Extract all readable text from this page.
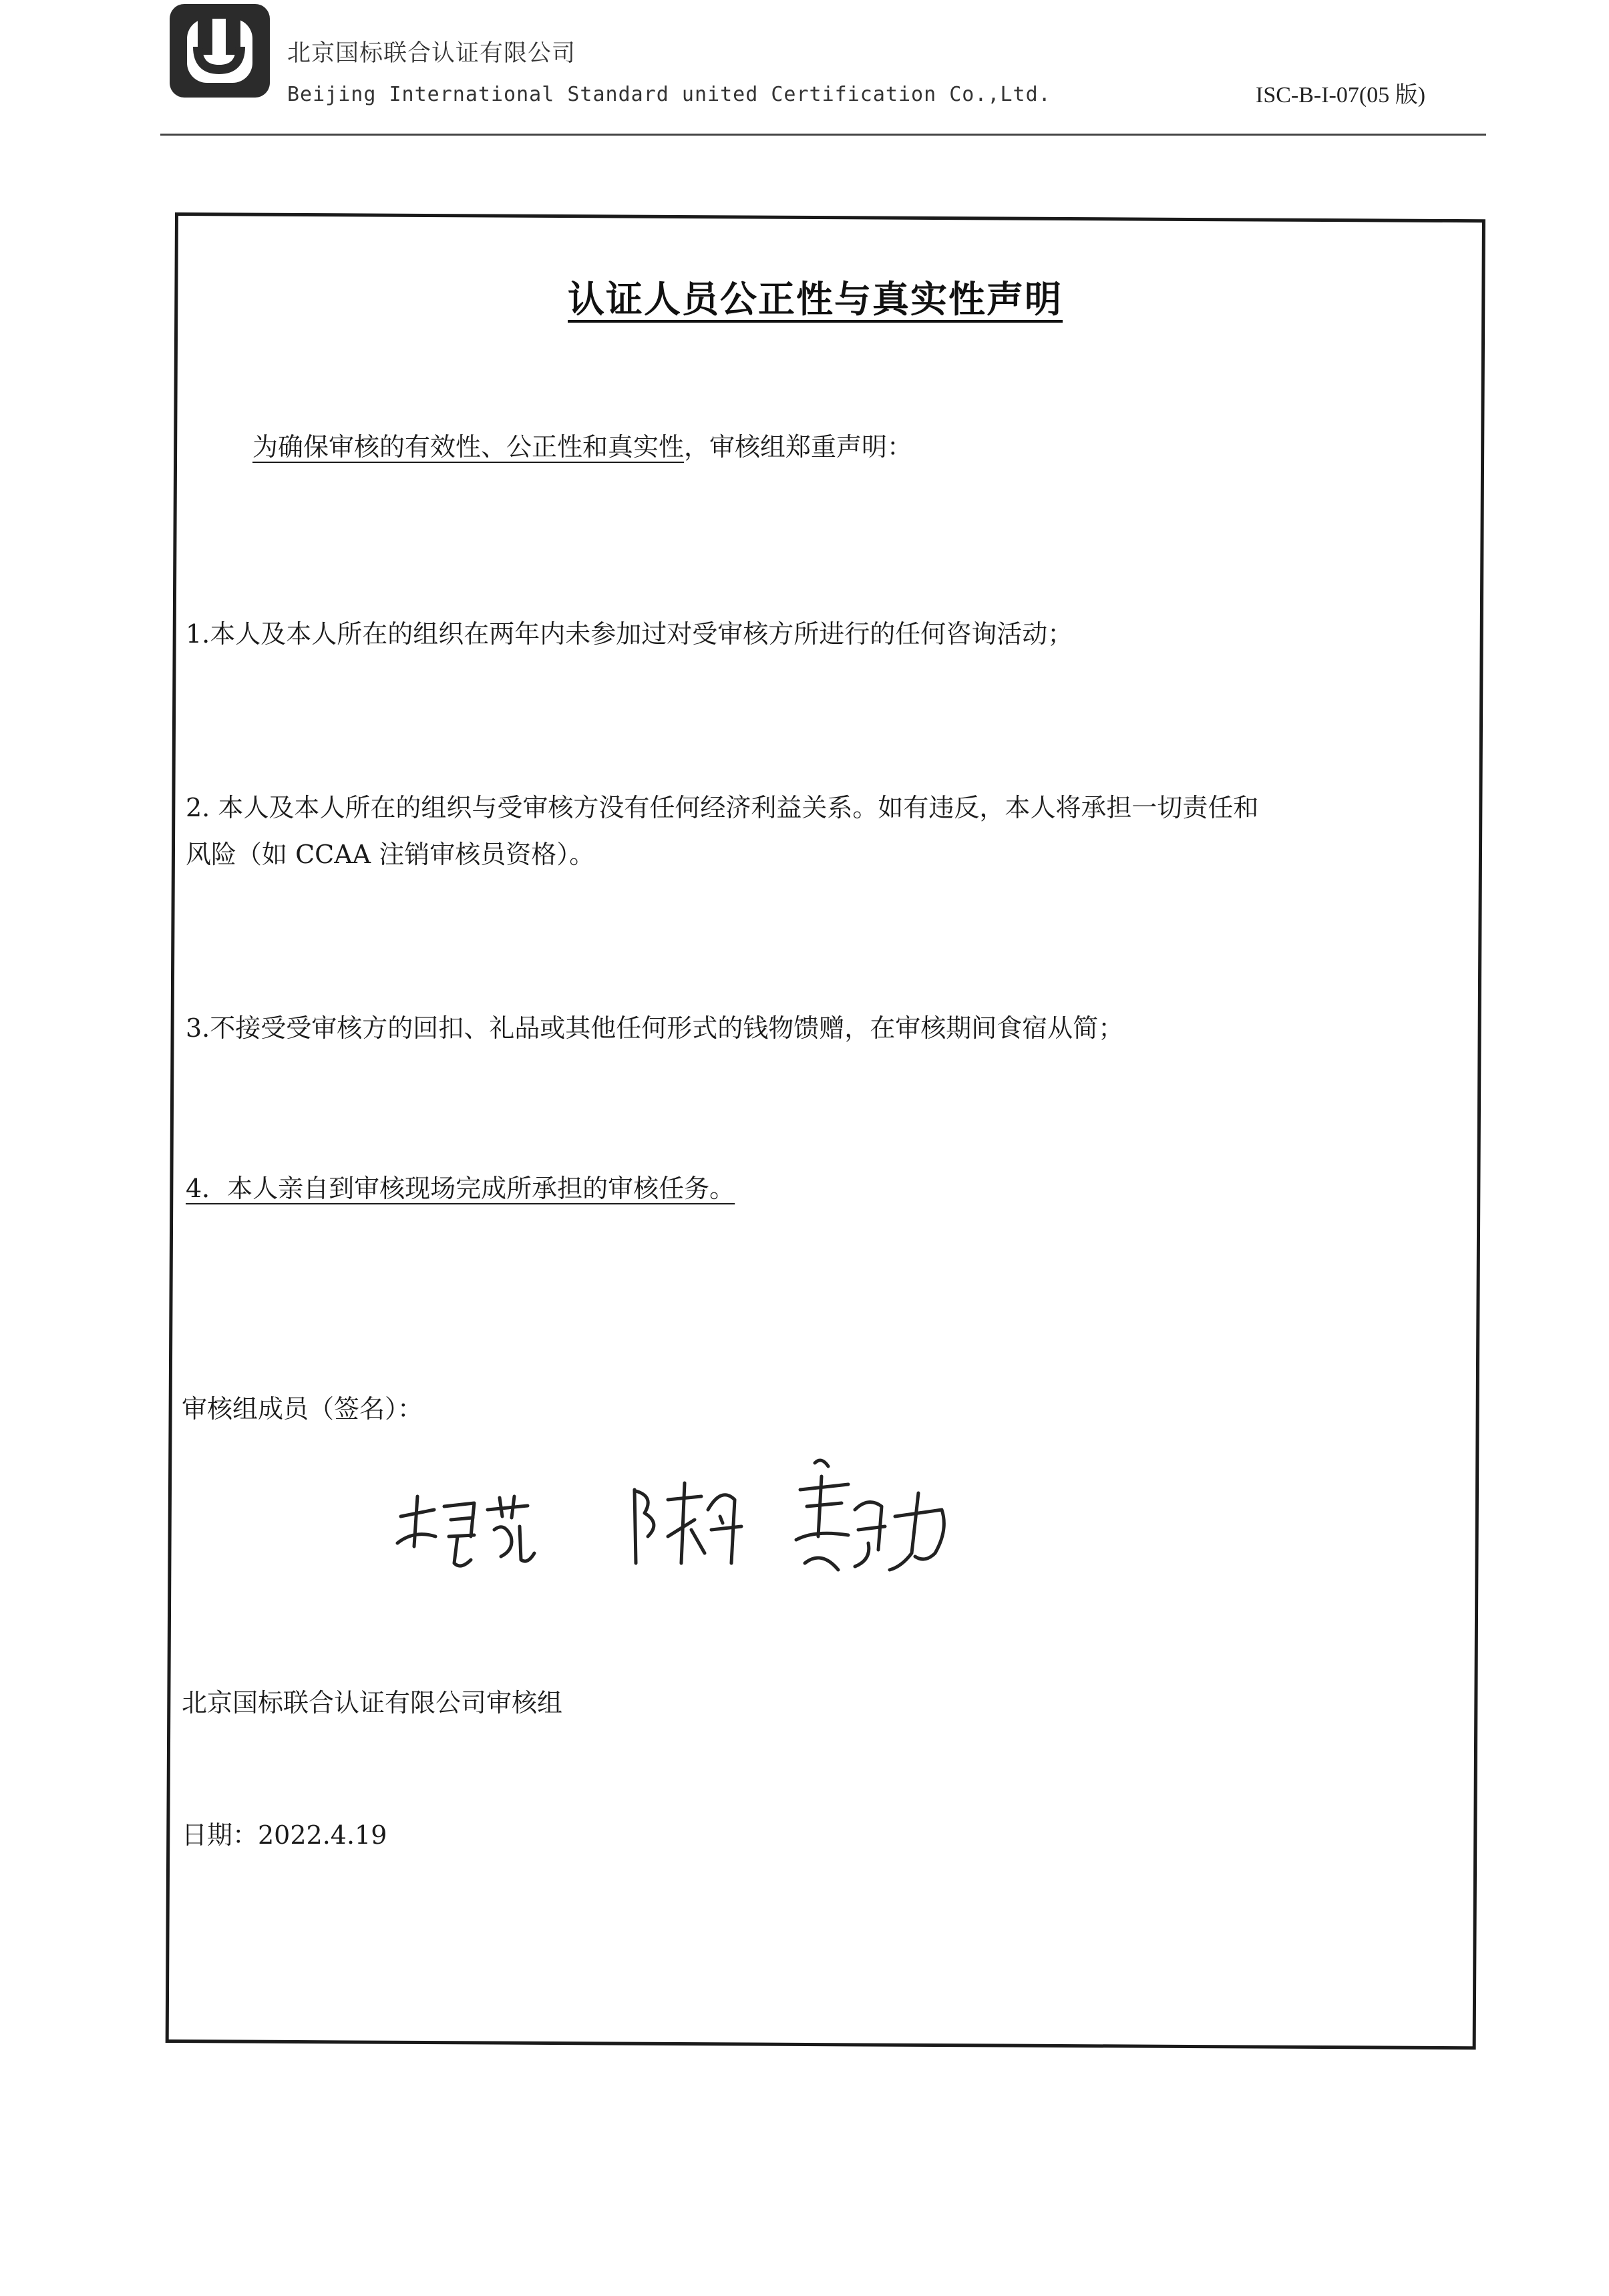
北京国标联合认证有限公司
Beijing International Standard united Certification Co.,Ltd.	ISC-B-I-07(05 版)
认证人员公正性与真实性声明
为确保审核的有效性、公正性和真实性，审核组郑重声明：
1.本人及本人所在的组织在两年内未参加过对受审核方所进行的任何咨询活动；
2. 本人及本人所在的组织与受审核方没有任何经济利益关系。如有违反，本人将承担一切责任和
风险（如 CCAA 注销审核员资格）。
3.不接受受审核方的回扣、礼品或其他任何形式的钱物馈赠，在审核期间食宿从简；
4．本人亲自到审核现场完成所承担的审核任务。
审核组成员（签名）：
北京国标联合认证有限公司审核组
日期：2022.4.19
